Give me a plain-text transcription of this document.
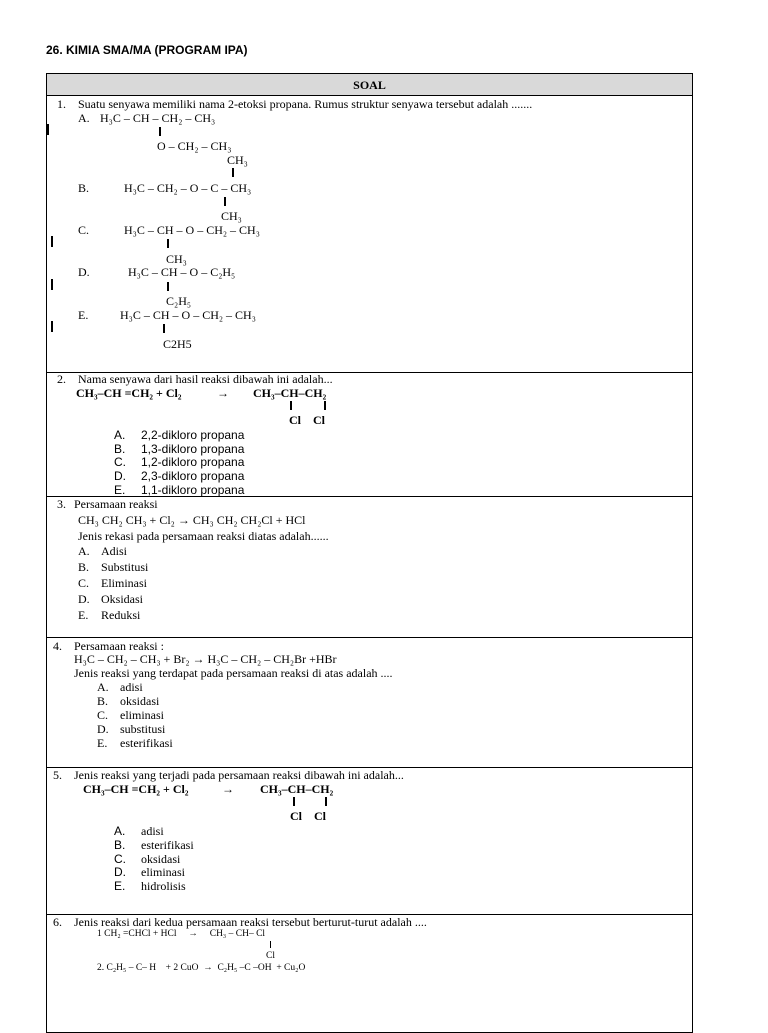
26. KIMIA SMA/MA (PROGRAM IPA)
SOAL
1. Suatu senyawa memiliki nama 2-etoksi propana. Rumus struktur senyawa tersebut adalah .......
A. H₃C – CH – CH₂ – CH₃
O – CH₂ – CH₃
CH₃
B.	H₃C – CH₂ – O – C – CH₃
CH₃
C.	H₃C – CH – O – CH₂ – CH₃
CH₃
D.	H₃C – CH – O – C₂H₅
C₂H₅
E.	H₃C – CH – O – CH₂ – CH₃
C2H5
2. Nama senyawa dari hasil reaksi dibawah ini adalah...
CH₃–CH =CH₂ + Cl₂	→ CH₃–CH–CH₂
Cl    Cl
A. 2,2-dikloro propana
B. 1,3-dikloro propana
C. 1,2-dikloro propana
D. 2,3-dikloro propana
E. 1,1-dikloro propana
3. Persamaan reaksi
CH₃ CH₂ CH₃ + Cl₂ → CH₃ CH₂ CH₂Cl + HCl
Jenis rekasi pada persamaan reaksi diatas adalah......
A. Adisi
B. Substitusi
C. Eliminasi
D. Oksidasi
E. Reduksi
4. Persamaan reaksi :
H₃C – CH₂ – CH₃ + Br₂ → H₃C – CH₂ – CH₂Br +HBr
Jenis reaksi yang terdapat pada persamaan reaksi di atas adalah ....
A. adisi
B. oksidasi
C. eliminasi
D. substitusi
E. esterifikasi
5. Jenis reaksi yang terjadi pada persamaan reaksi dibawah ini adalah...
CH₃–CH =CH₂ + Cl₂	→ CH₃–CH–CH₂
Cl    Cl
A. adisi
B. esterifikasi
C. oksidasi
D. eliminasi
E. hidrolisis
6. Jenis reaksi dari kedua persamaan reaksi tersebut berturut-turut adalah ....
1 CH₂ =CHCl + HCl     →     CH₃ – CH– Cl
Cl
2. C₂H₅ – C– H    + 2 CuO  →  C₂H₅ –C –OH  + Cu₂O
